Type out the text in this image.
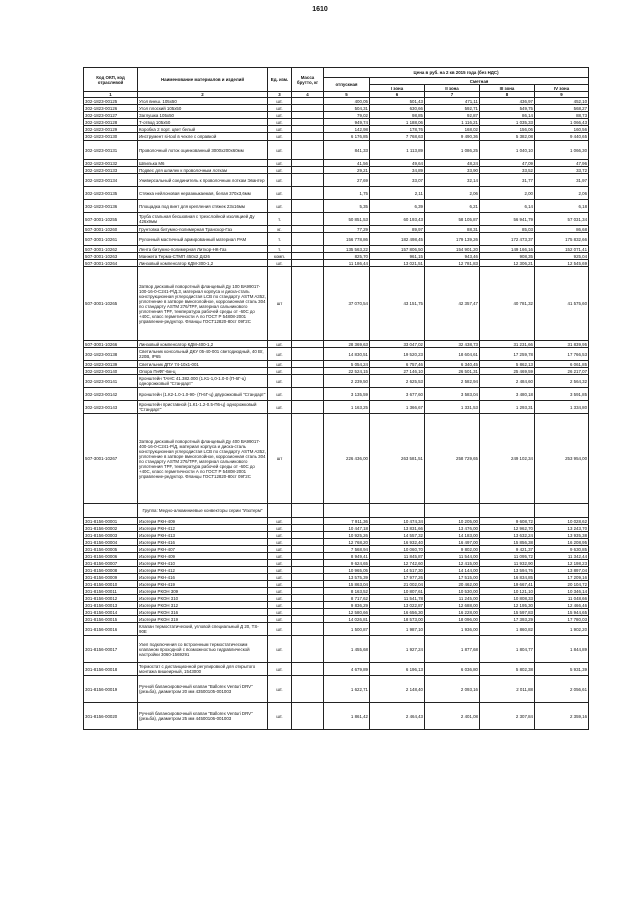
1610
Код ОКП, код отраслевой	Наименование материалов и изделий	Ед. изм.	Масса брутто, кг	Цена в руб. на 2 кв 2015 года (без НДС)				
				отпускная	Сметная			
					I зона	II зона	III зона	IV зона
1	2	3	4	5	6	7	8	9
302-1823-00125	Угол внеш. 105х50	шт.		400,05	501,43	471,11	436,97	452,10
302-1823-00126	Угол плоский 105х50	шт.		504,31	630,66	592,71	549,75	568,27
302-1823-00127	Заглушка 105х50	шт.		79,02	98,85	92,87	86,14	88,73
302-1823-00128	Т-отвод 105х50	шт.		949,74	1 188,06	1 116,21	1 035,33	1 066,43
302-1823-00129	Коробка 2 порт. цвет белый	шт.		142,98	178,76	168,02	156,06	160,56
302-1823-00130	Инструмент si-tool в чехле с оправкой	шт.		6 176,85	7 768,63	9 490,36	5 382,08	9 440,65
302-1823-00131	Проволочный лоток оцинкованный 3000х200х60мм	шт.		841,33	1 113,89	1 086,25	1 040,10	1 066,30
302-1823-00132	Шпилька М6	шт.		41,56	49,64	48,24	47,09	47,96
302-1823-00133	Подвес для шпилек к проволочным лоткам	шт.		29,21	34,89	33,90	33,52	33,72
302-1823-00134	Универсальный соединитель к проволочным лоткам Эвантер	шт.		27,69	33,07	32,14	31,77	31,97
302-1823-00135	Стяжка нейлоновая неразмыкаемая, белая 370х3,6мм	шт.		1,75	2,11	2,06	2,00	2,06
302-1823-00136	Площадка под винт для крепления стяжек 23х16мм	шт.		5,35	6,39	6,21	6,14	6,18
507-3001-10255	Труба стальная бесшовная с трехслойной изоляцией Ду 426х9мм	т.		50 851,53	60 193,43	58 105,87	56 941,79	57 031,34
507-3001-10260	Грунтовка битумно-полимерная Транскор-Газ	кг.		77,29	89,97	88,31	85,03	86,68
507-3001-10261	Рулонный мастичный армированный материал РАМ	т.		156 778,86	182 498,45	179 139,26	172 473,37	175 832,66
507-3001-10262	Лента битумно-полимерная Литкор-НК-Газ	т.		135 563,22	157 806,50	154 901,20	149 166,16	152 071,41
507-3001-10263	Манжета Терма-СТМП 450х2 Д426	комп.		825,70	961,15	943,46	908,35	925,04
507-3001-10264	Линзовый компенсатор КДМ-300-1,2	шт.		11 186,44	13 021,51	12 781,83	12 306,21	12 545,69
507-3001-10265	Затвор дисковый поворотный фланцевый Ду 100 ВА99017-100-16-0-С241-Р/Д.3, материал корпуса и диска-сталь конструкционная углеродистая LCB по стандарту ASTM A352, уплотнение в затворе вмноголойное, коррозионная сталь 304 по стандарту ASTM 276/TPF, материал сальникового уплотнения TPF, температура рабочей среды от -60С до +40С, класс герметичности А по ГОСТ Р 54808-2001 управление-редуктор. Фланцы ГОСТ12820-80ст 09Г2С	шт		37 070,54	43 151,75	42 357,47	40 781,32	41 575,60
507-3001-10266	Линзовый компенсатор КДМ-400-1,2	шт.		28 369,63	33 047,02	32 438,73	31 231,66	31 839,95
302-1823-00138	Светильник консольный ДКУ 05-40-001 светодиодный, 40 Вт, 220В, IP65	шт.		14 830,51	19 520,23	18 604,61	17 259,78	17 766,53
302-1823-00139	Светильник ДПУ 74-10х1-001	шт.		5 054,24	6 757,46	6 340,45	5 862,13	6 061,85
302-1823-00140	Опора ПнФГ-6м-ц	шт.		22 524,15	27 146,10	26 501,31	25 469,59	26 217,07
302-1823-00141	Кронштейн ТАНС 41.382.000 (1.К1-1,0-1.0-0 (П-6Г-ц) однорожковый "Стандарт"	шт.		2 239,50	2 625,53	2 582,94	2 484,60	2 564,32
302-1823-00142	Кронштейн (1.К2-1.0-1.0-90- (П-6Г-ц) двурожковый "Стандарт"	шт.		3 135,59	3 677,60	3 583,04	3 480,18	3 591,85
302-1823-00143	Кронштейн приставной (1.К1-1.2-0.5-П6-ц) однорожковый "Стандарт"	шт.		1 163,25	1 366,67	1 331,53	1 293,31	1 334,80
507-3001-10267	Затвор дисковый поворотный фланцевый Ду 400 ВА99017-400-16-0-С241-Р/Д, материал корпуса и диска-сталь конструкционная углеродистая LCB по стандарту ASTM A352, уплотнение в затворе вмноголойное, коррозионная сталь 304 по стандарту ASTM 276/TPF, материал сальникового уплотнения TPF, температура рабочей среды от -60С до +40С, класс герметичности А по ГОСТ Р 54808-2001 управление-редуктор. Фланцы ГОСТ12820-80ст 09Г2С	шт		226 436,00	263 581,51	258 729,65	249 102,34	253 954,00
	Группа: Медно-алюминиевые конвекторы серии "Изотерм"							
301-8156-00001	Изотерм РКН-409	шт.		7 911,36	10 474,34	10 205,00	9 608,72	10 028,62
301-8156-00002	Изотерм РКН-412	шт.		10 447,18	13 831,66	13 476,00	12 962,70	13 243,70
301-8156-00003	Изотерм РКН-413	шт.		10 925,26	14 557,32	14 183,00	13 632,24	13 935,38
301-8156-00004	Изотерм РКН-416	шт.		12 768,20	16 932,40	16 497,00	15 856,38	16 208,95
301-8156-00005	Изотерм РКН-407	шт.		7 568,94	10 060,70	9 802,00	9 421,37	9 630,85
301-8156-00006	Изотерм РКН-409	шт.		8 949,41	11 845,87	11 544,00	11 095,72	11 342,44
301-8156-00007	Изотерм РКН-410	шт.		9 624,65	12 742,60	12 415,00	11 932,90	12 198,23
301-8156-00008	Изотерм РКН-412	шт.		10 965,05	14 517,30	14 144,00	13 594,76	13 897,04
301-8156-00009	Изотерм РКН-416	шт.		13 575,39	17 977,26	17 515,00	16 834,85	17 209,16
301-8156-00010	Изотерм РКН-419	шт.		15 863,04	21 002,04	20 462,00	19 667,41	20 104,72
301-8156-00011	Изотерм РКОН 309	шт.		8 163,52	10 807,61	10 530,00	10 121,10	10 346,14
301-8156-00012	Изотерм РКОН 310	шт.		8 717,62	11 541,78	11 245,00	10 808,33	11 048,66
301-8156-00013	Изотерм РКОН 312	шт.		9 836,29	13 022,87	12 688,00	12 195,30	12 466,46
301-8156-00014	Изотерм РКОН 316	шт.		12 580,66	16 656,30	16 228,00	15 597,83	15 944,65
301-8156-00015	Изотерм РКОН 319	шт.		14 026,81	18 573,00	18 096,00	17 393,29	17 780,03
301-8156-00016	Клапан термостатический, угловой специальный Д 20, TS-90E	шт.		1 500,87	1 987,10	1 936,00	1 860,82	1 902,20
301-8156-00017	Узел подключения со встроенным термостатическим клапаном проходной с возможностью гидравлической настройки 3060-1569291	шт.		1 455,68	1 927,24	1 877,68	1 804,77	1 844,89
301-8156-00018	Термостат с дистанционной регулировкой для открытого монтажа вишеирный, 1543000	шт.		4 679,89	6 196,13	6 036,80	5 802,38	5 931,39
301-8156-00019	Ручной балансировочный клапан "Ballorex Venturi DRV" (резьба), диаметром 20 мм 43500105-001003	шт.		1 622,71	2 148,40	2 093,16	2 011,88	2 056,61
301-8156-00020	Ручной балансировочный клапан "Ballorex Venturi DRV" (резьба), диаметром 25 мм 44500106-001003	шт.		1 861,42	2 464,43	2 401,08	2 307,84	2 359,16
